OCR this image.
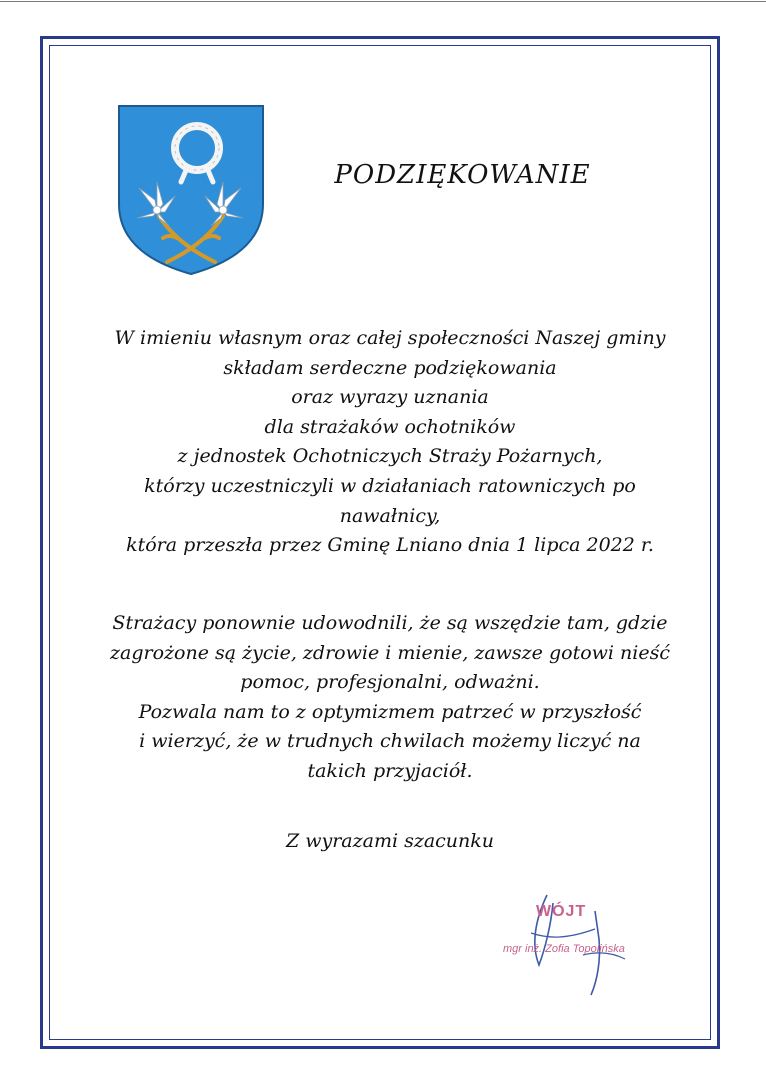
PODZIĘKOWANIE

W imieniu własnym oraz całej społeczności Naszej gminy
składam serdeczne podziękowania
oraz wyrazy uznania
dla strażaków ochotników
z jednostek Ochotniczych Straży Pożarnych,
którzy uczestniczyli w działaniach ratowniczych po
nawałnicy,
która przeszła przez Gminę Lniano dnia 1 lipca 2022 r.

Strażacy ponownie udowodnili, że są wszędzie tam, gdzie
zagrożone są życie, zdrowie i mienie, zawsze gotowi nieść
pomoc, profesjonalni, odważni.
Pozwala nam to z optymizmem patrzeć w przyszłość
i wierzyć, że w trudnych chwilach możemy liczyć na
takich przyjaciół.

Z wyrazami szacunku
WÓJT
mgr inż. Zofia Topolińska
